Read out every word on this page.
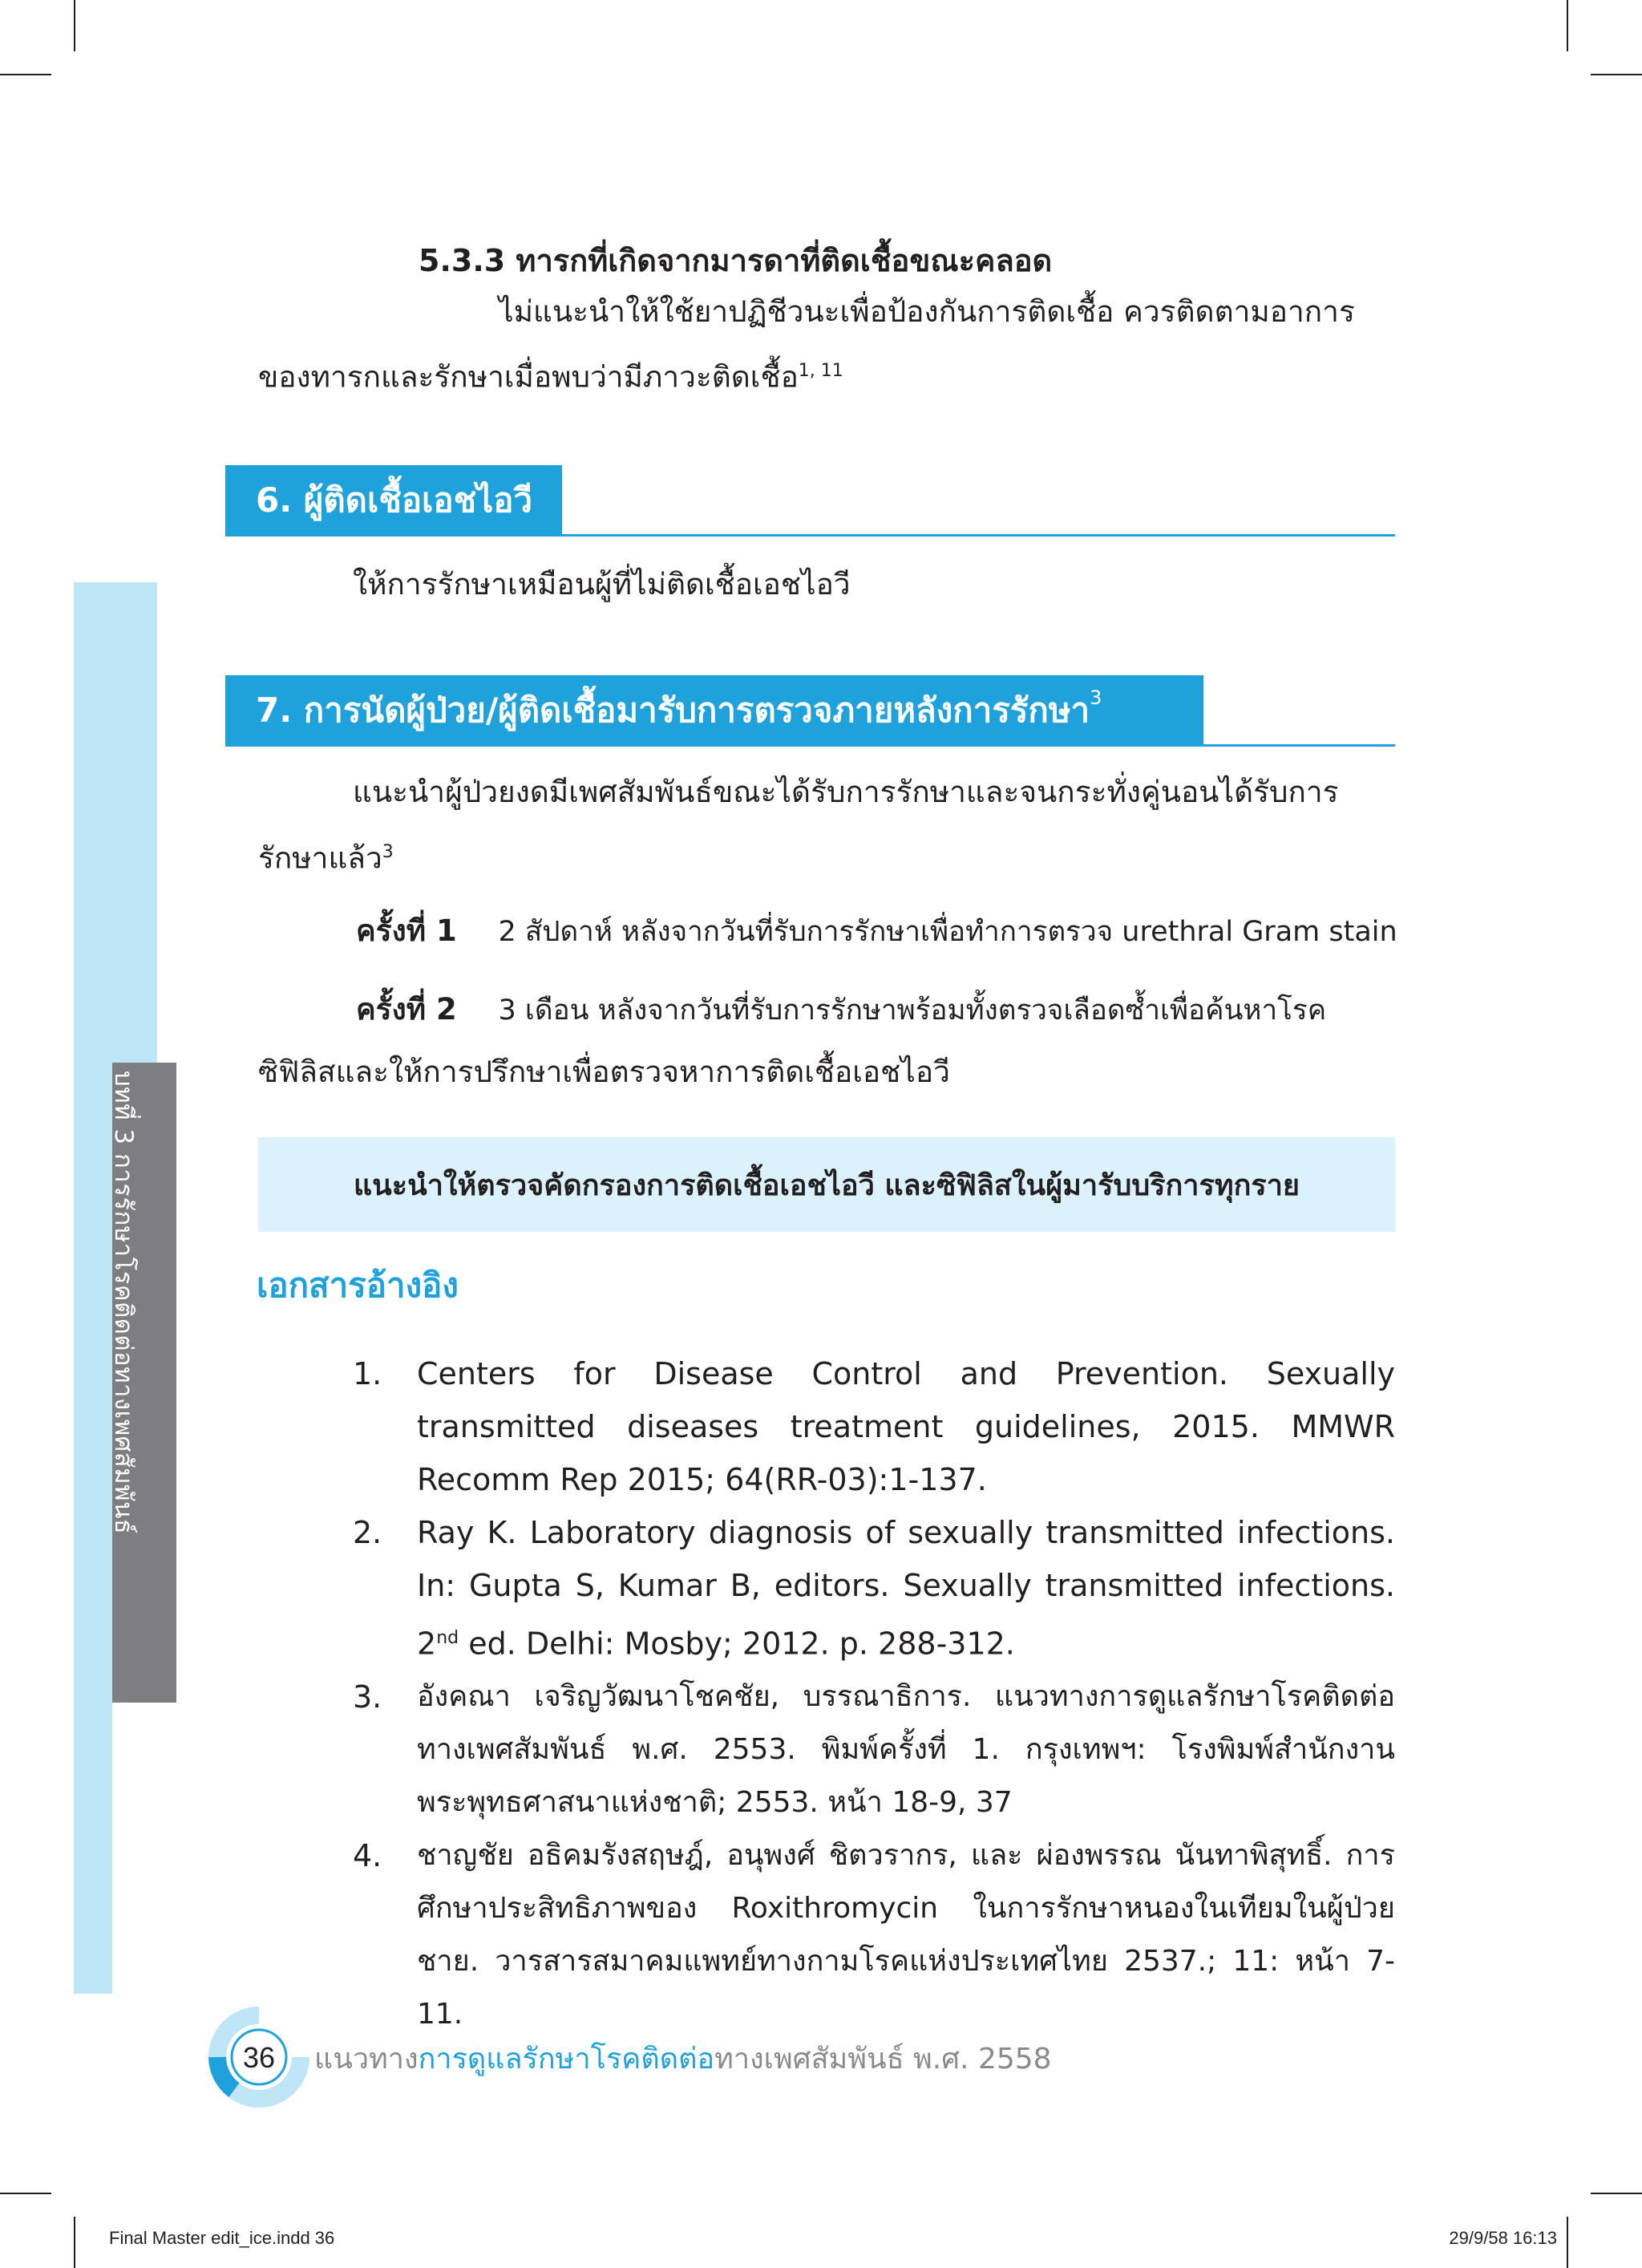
บทที่ 3 การรักษาโรคติดต่อทางเพศสัมพันธ์
5.3.3 ทารกที่เกิดจากมารดาที่ติดเชื้อขณะคลอด
ไม่แนะนำให้ใช้ยาปฏิชีวนะเพื่อป้องกันการติดเชื้อ ควรติดตามอาการ
ของทารกและรักษาเมื่อพบว่ามีภาวะติดเชื้อ$^{1, 11}$
6. ผู้ติดเชื้อเอชไอวี
ให้การรักษาเหมือนผู้ที่ไม่ติดเชื้อเอชไอวี
7. การนัดผู้ป่วย/ผู้ติดเชื้อมารับการตรวจภายหลังการรักษา$^3$
แนะนำผู้ป่วยงดมีเพศสัมพันธ์ขณะได้รับการรักษาและจนกระทั่งคู่นอนได้รับการ
รักษาแล้ว$^3$
ครั้งที่ 1 2 สัปดาห์ หลังจากวันที่รับการรักษาเพื่อทำการตรวจ urethral Gram stain
ครั้งที่ 2 3 เดือน หลังจากวันที่รับการรักษาพร้อมทั้งตรวจเลือดซ้ำเพื่อค้นหาโรค
ซิฟิลิสและให้การปรึกษาเพื่อตรวจหาการติดเชื้อเอชไอวี
แนะนำให้ตรวจคัดกรองการติดเชื้อเอชไอวี และซิฟิลิสในผู้มารับบริการทุกราย
เอกสารอ้างอิง
1. Centers for Disease Control and Prevention. Sexually transmitted diseases treatment guidelines, 2015. MMWR Recomm Rep 2015; 64(RR-03):1-137.
2. Ray K. Laboratory diagnosis of sexually transmitted infections. In: Gupta S, Kumar B, editors. Sexually transmitted infections. 2nd ed. Delhi: Mosby; 2012. p. 288-312.
3. อังคณา เจริญวัฒนาโชคชัย, บรรณาธิการ. แนวทางการดูแลรักษาโรคติดต่อทางเพศสัมพันธ์ พ.ศ. 2553. พิมพ์ครั้งที่ 1. กรุงเทพฯ: โรงพิมพ์สำนักงานพระพุทธศาสนาแห่งชาติ; 2553. หน้า 18-9, 37
4. ชาญชัย อธิคมรังสฤษฎ์, อนุพงศ์ ชิตวรากร, และ ผ่องพรรณ นันทาพิสุทธิ์. การศึกษาประสิทธิภาพของ Roxithromycin ในการรักษาหนองในเทียมในผู้ป่วยชาย. วารสารสมาคมแพทย์ทางกามโรคแห่งประเทศไทย 2537.; 11: หน้า 7-11.
36 แนวทางการดูแลรักษาโรคติดต่อทางเพศสัมพันธ์ พ.ศ. 2558
Final Master edit_ice.indd 36	29/9/58 16:13
